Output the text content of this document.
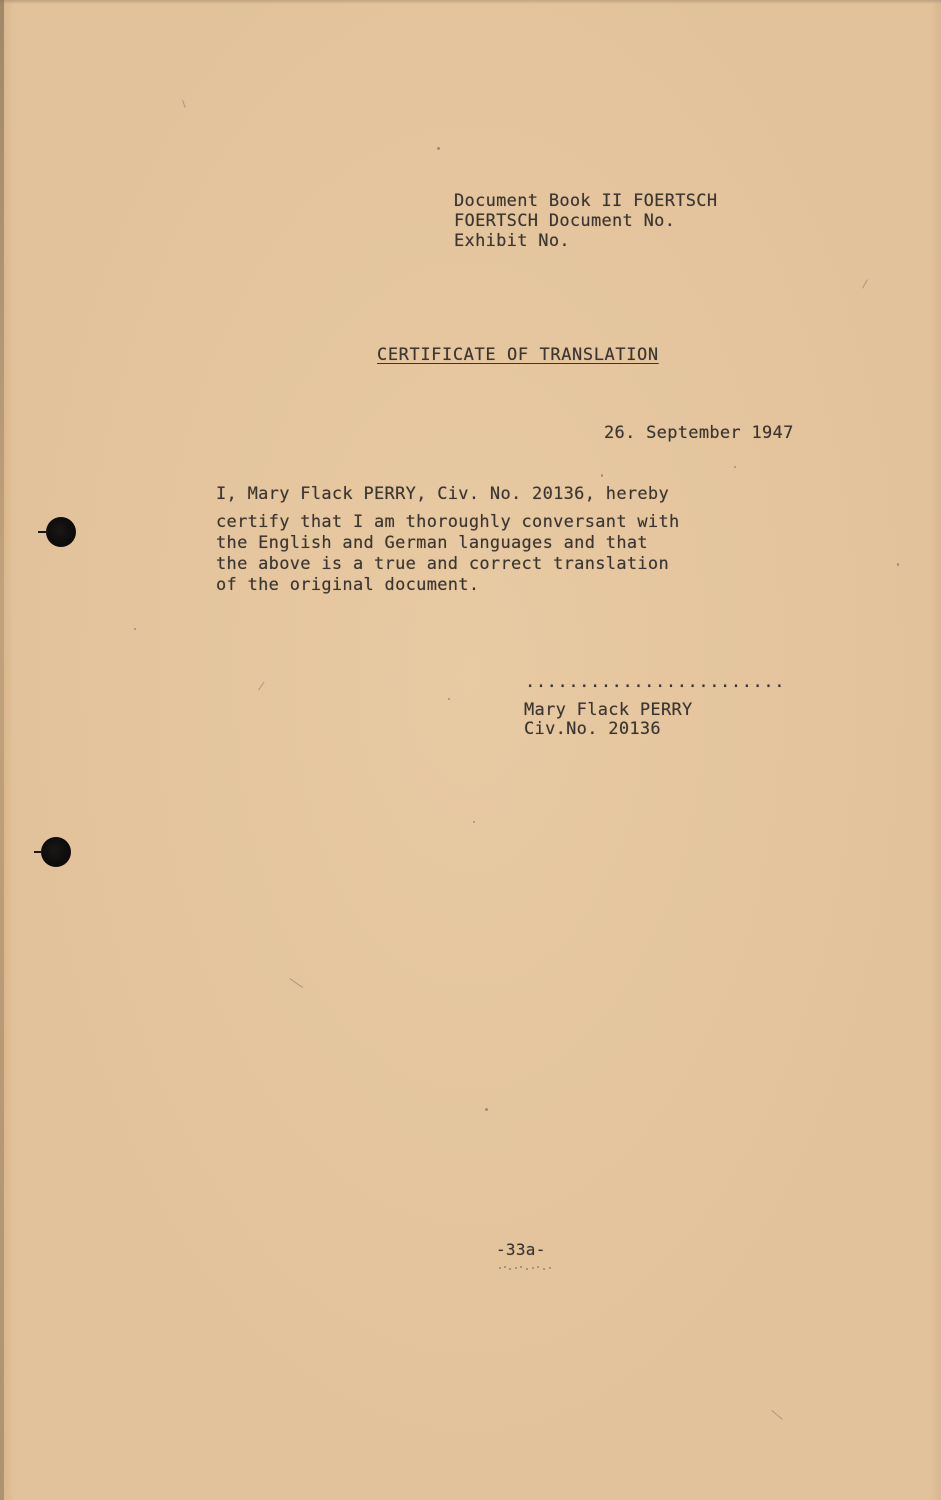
Document Book II FOERTSCH
FOERTSCH Document No.
Exhibit No.
CERTIFICATE OF TRANSLATION
26. September 1947
I, Mary Flack PERRY, Civ. No. 20136, hereby
certify that I am thoroughly conversant with
the English and German languages and that
the above is a true and correct translation
of the original document.
........................
Mary Flack PERRY
Civ.No. 20136
-33a-
